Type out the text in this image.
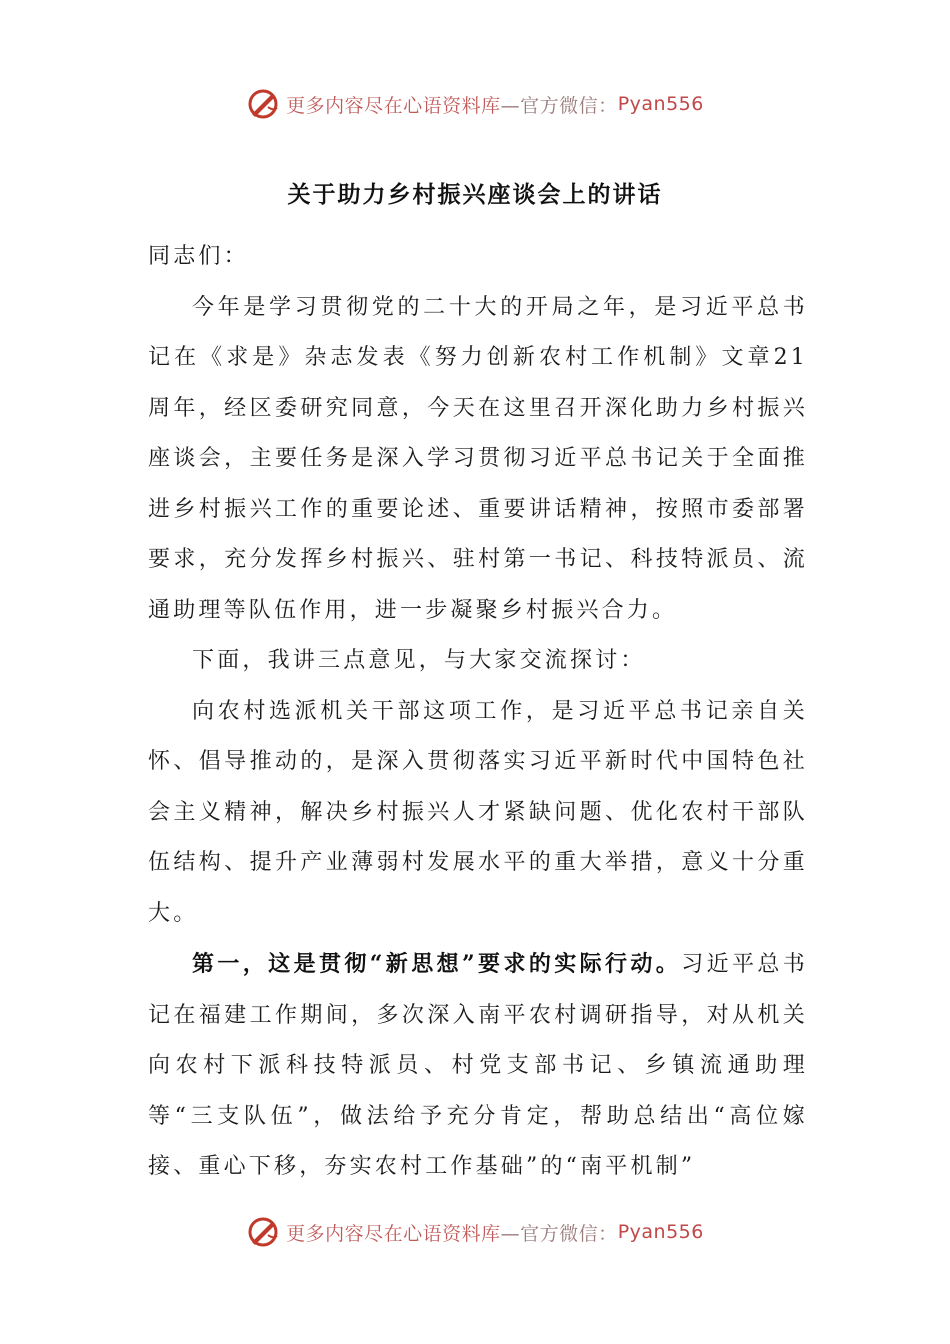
更多内容尽在心语资料库 —官方微信： Pyan556
关于助力乡村振兴座谈会上的讲话

同志们：

今年是学习贯彻党的二十大的开局之年，是习近平总书记在《求是》杂志发表《努力创新农村工作机制》文章21周年，经区委研究同意，今天在这里召开深化助力乡村振兴座谈会，主要任务是深入学习贯彻习近平总书记关于全面推进乡村振兴工作的重要论述、重要讲话精神，按照市委部署要求，充分发挥乡村振兴、驻村第一书记、科技特派员、流通助理等队伍作用，进一步凝聚乡村振兴合力。

下面，我讲三点意见，与大家交流探讨：

向农村选派机关干部这项工作，是习近平总书记亲自关怀、倡导推动的，是深入贯彻落实习近平新时代中国特色社会主义精神，解决乡村振兴人才紧缺问题、优化农村干部队伍结构、提升产业薄弱村发展水平的重大举措，意义十分重大。

第一，这是贯彻“新思想”要求的实际行动。习近平总书记在福建工作期间，多次深入南平农村调研指导，对从机关向农村下派科技特派员、村党支部书记、乡镇流通助理等“三支队伍”，做法给予充分肯定，帮助总结出“高位嫁接、重心下移，夯实农村工作基础”的“南平机制”

更多内容尽在心语资料库 —官方微信： Pyan556
